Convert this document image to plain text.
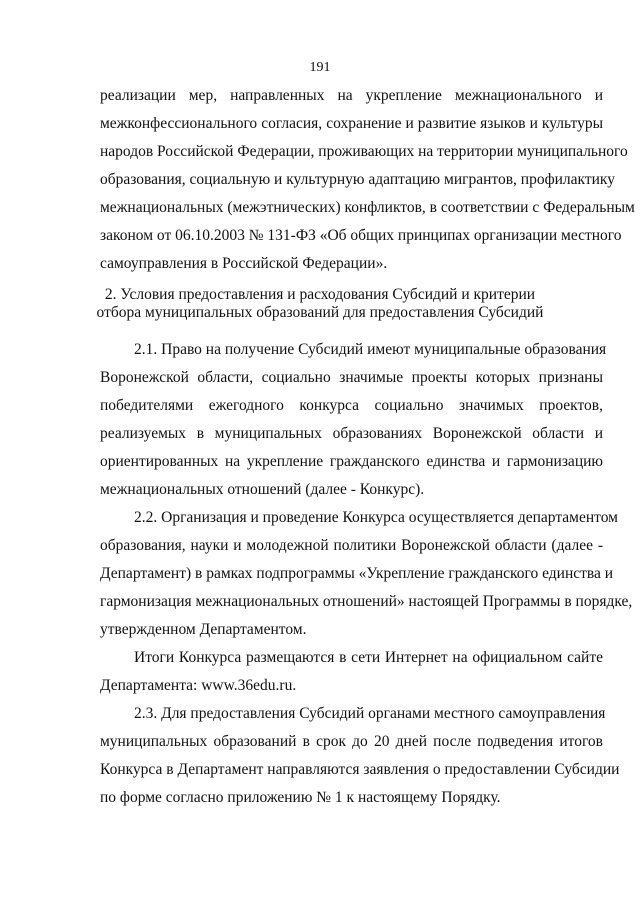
191
реализации мер, направленных на укрепление межнационального и
межконфессионального согласия, сохранение и развитие языков и культуры
народов Российской Федерации, проживающих на территории муниципального
образования, социальную и культурную адаптацию мигрантов, профилактику
межнациональных (межэтнических) конфликтов, в соответствии с Федеральным
законом от 06.10.2003 № 131-ФЗ «Об общих принципах организации местного
самоуправления в Российской Федерации».
2. Условия предоставления и расходования Субсидий и критерии
отбора муниципальных образований для предоставления Субсидий
2.1. Право на получение Субсидий имеют муниципальные образования
Воронежской области, социально значимые проекты которых признаны
победителями ежегодного конкурса социально значимых проектов,
реализуемых в муниципальных образованиях Воронежской области и
ориентированных на укрепление гражданского единства и гармонизацию
межнациональных отношений (далее - Конкурс).
2.2. Организация и проведение Конкурса осуществляется департаментом
образования, науки и молодежной политики Воронежской области (далее -
Департамент) в рамках подпрограммы «Укрепление гражданского единства и
гармонизация межнациональных отношений» настоящей Программы в порядке,
утвержденном Департаментом.
Итоги Конкурса размещаются в сети Интернет на официальном сайте
Департамента: www.36edu.ru.
2.3. Для предоставления Субсидий органами местного самоуправления
муниципальных образований в срок до 20 дней после подведения итогов
Конкурса в Департамент направляются заявления о предоставлении Субсидии
по форме согласно приложению № 1 к настоящему Порядку.
